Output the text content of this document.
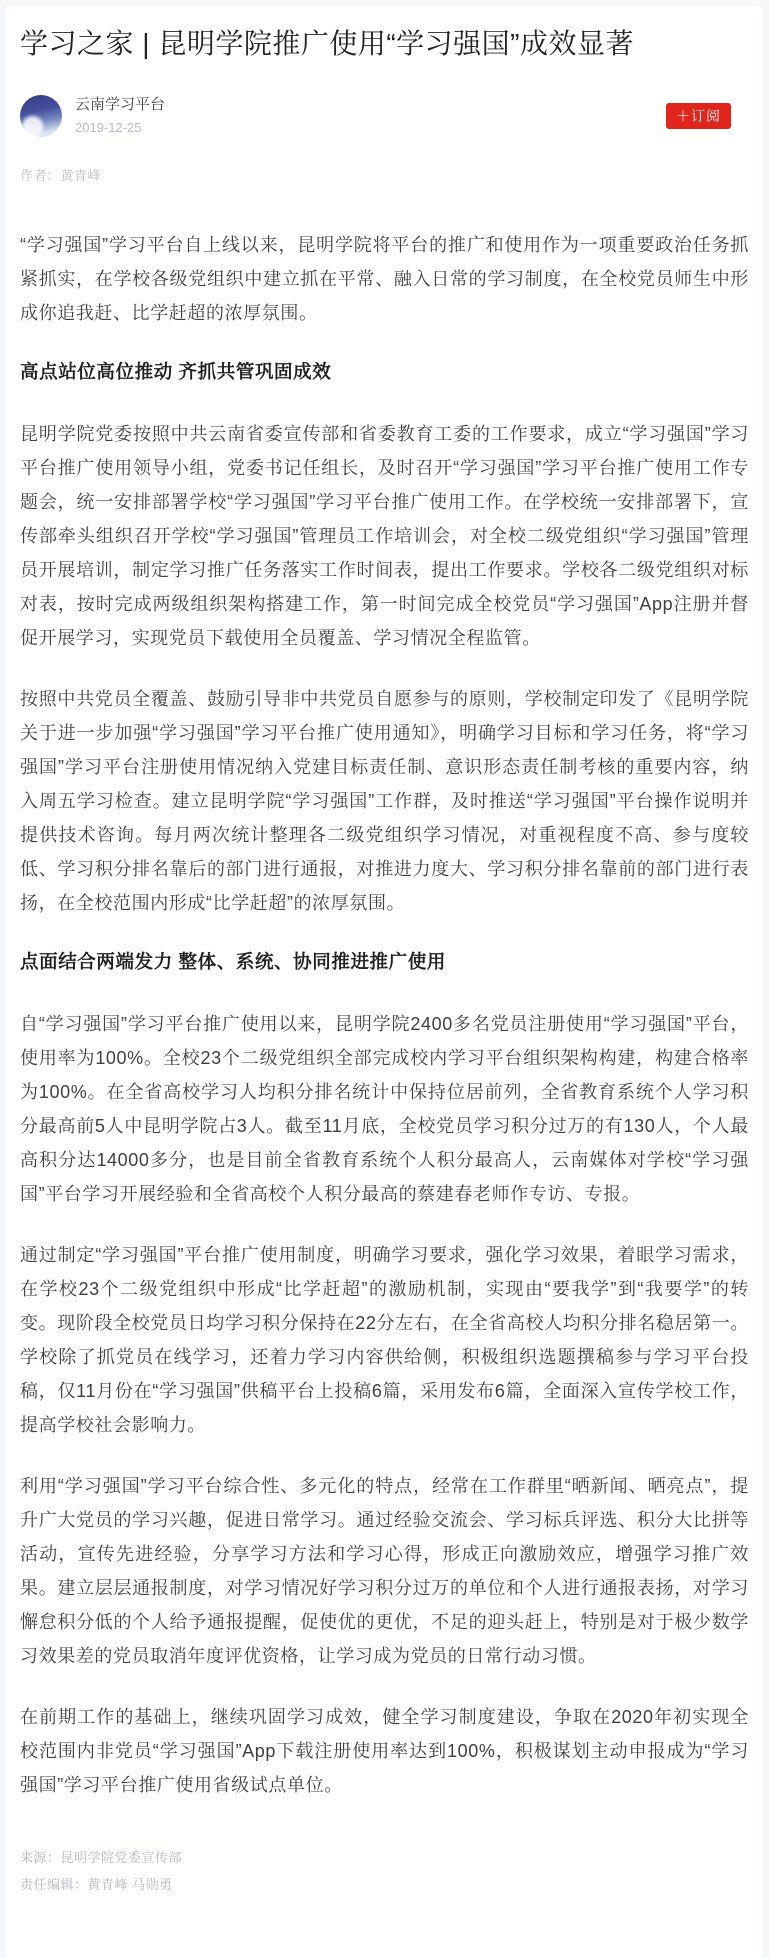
学习之家 | 昆明学院推广使用“学习强国”成效显著
云南学习平台
2019-12-25
＋订阅
作者：黄青峰

“学习强国”学习平台自上线以来，昆明学院将平台的推广和使用作为一项重要政治任务抓紧抓实，在学校各级党组织中建立抓在平常、融入日常的学习制度，在全校党员师生中形成你追我赶、比学赶超的浓厚氛围。

高点站位高位推动 齐抓共管巩固成效

昆明学院党委按照中共云南省委宣传部和省委教育工委的工作要求，成立“学习强国”学习平台推广使用领导小组，党委书记任组长，及时召开“学习强国”学习平台推广使用工作专题会，统一安排部署学校“学习强国”学习平台推广使用工作。在学校统一安排部署下，宣传部牵头组织召开学校“学习强国”管理员工作培训会，对全校二级党组织“学习强国”管理员开展培训，制定学习推广任务落实工作时间表，提出工作要求。学校各二级党组织对标对表，按时完成两级组织架构搭建工作，第一时间完成全校党员“学习强国”App注册并督促开展学习，实现党员下载使用全员覆盖、学习情况全程监管。

按照中共党员全覆盖、鼓励引导非中共党员自愿参与的原则，学校制定印发了《昆明学院关于进一步加强“学习强国”学习平台推广使用通知》，明确学习目标和学习任务，将“学习强国”学习平台注册使用情况纳入党建目标责任制、意识形态责任制考核的重要内容，纳入周五学习检查。建立昆明学院“学习强国”工作群，及时推送“学习强国”平台操作说明并提供技术咨询。每月两次统计整理各二级党组织学习情况，对重视程度不高、参与度较低、学习积分排名靠后的部门进行通报，对推进力度大、学习积分排名靠前的部门进行表扬，在全校范围内形成“比学赶超”的浓厚氛围。

点面结合两端发力 整体、系统、协同推进推广使用

自“学习强国”学习平台推广使用以来，昆明学院2400多名党员注册使用“学习强国”平台，使用率为100%。全校23个二级党组织全部完成校内学习平台组织架构构建，构建合格率为100%。在全省高校学习人均积分排名统计中保持位居前列，全省教育系统个人学习积分最高前5人中昆明学院占3人。截至11月底，全校党员学习积分过万的有130人，个人最高积分达14000多分，也是目前全省教育系统个人积分最高人，云南媒体对学校“学习强国”平台学习开展经验和全省高校个人积分最高的蔡建春老师作专访、专报。

通过制定“学习强国”平台推广使用制度，明确学习要求，强化学习效果，着眼学习需求，在学校23个二级党组织中形成“比学赶超”的激励机制，实现由“要我学”到“我要学”的转变。现阶段全校党员日均学习积分保持在22分左右，在全省高校人均积分排名稳居第一。学校除了抓党员在线学习，还着力学习内容供给侧，积极组织选题撰稿参与学习平台投稿，仅11月份在“学习强国”供稿平台上投稿6篇，采用发布6篇，全面深入宣传学校工作，提高学校社会影响力。

利用“学习强国”学习平台综合性、多元化的特点，经常在工作群里“晒新闻、晒亮点”，提升广大党员的学习兴趣，促进日常学习。通过经验交流会、学习标兵评选、积分大比拼等活动，宣传先进经验，分享学习方法和学习心得，形成正向激励效应，增强学习推广效果。建立层层通报制度，对学习情况好学习积分过万的单位和个人进行通报表扬，对学习懈怠积分低的个人给予通报提醒，促使优的更优，不足的迎头赶上，特别是对于极少数学习效果差的党员取消年度评优资格，让学习成为党员的日常行动习惯。

在前期工作的基础上，继续巩固学习成效，健全学习制度建设，争取在2020年初实现全校范围内非党员“学习强国”App下载注册使用率达到100%，积极谋划主动申报成为“学习强国”学习平台推广使用省级试点单位。

来源：昆明学院党委宣传部
责任编辑：黄青峰 马勋勇
